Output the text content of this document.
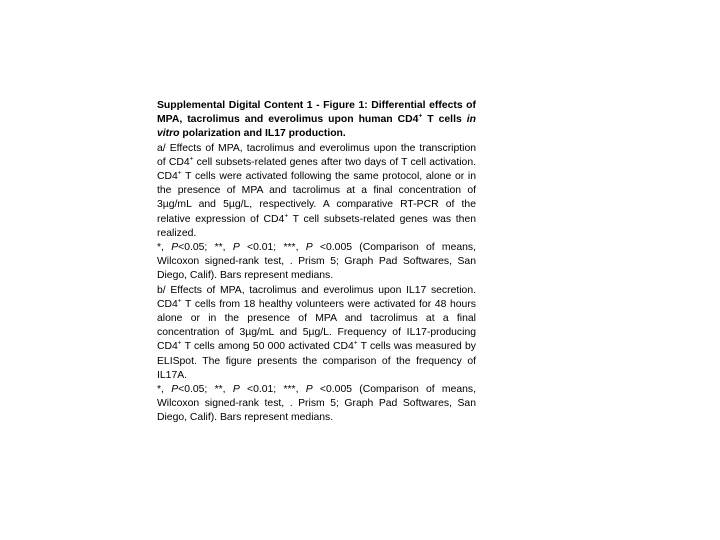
Supplemental Digital Content 1 - Figure 1: Differential effects of MPA, tacrolimus and everolimus upon human CD4+ T cells in vitro polarization and IL17 production.

a/ Effects of MPA, tacrolimus and everolimus upon the transcription of CD4+ cell subsets-related genes after two days of T cell activation. CD4+ T cells were activated following the same protocol, alone or in the presence of MPA and tacrolimus at a final concentration of 3µg/mL and 5µg/L, respectively. A comparative RT-PCR of the relative expression of CD4+ T cell subsets-related genes was then realized.

*, P<0.05; **, P <0.01; ***, P <0.005 (Comparison of means, Wilcoxon signed-rank test, . Prism 5; Graph Pad Softwares, San Diego, Calif). Bars represent medians.

b/ Effects of MPA, tacrolimus and everolimus upon IL17 secretion. CD4+ T cells from 18 healthy volunteers were activated for 48 hours alone or in the presence of MPA and tacrolimus at a final concentration of 3µg/mL and 5µg/L. Frequency of IL17-producing CD4+ T cells among 50 000 activated CD4+ T cells was measured by ELISpot. The figure presents the comparison of the frequency of IL17A.

*, P<0.05; **, P <0.01; ***, P <0.005 (Comparison of means, Wilcoxon signed-rank test, . Prism 5; Graph Pad Softwares, San Diego, Calif). Bars represent medians.
